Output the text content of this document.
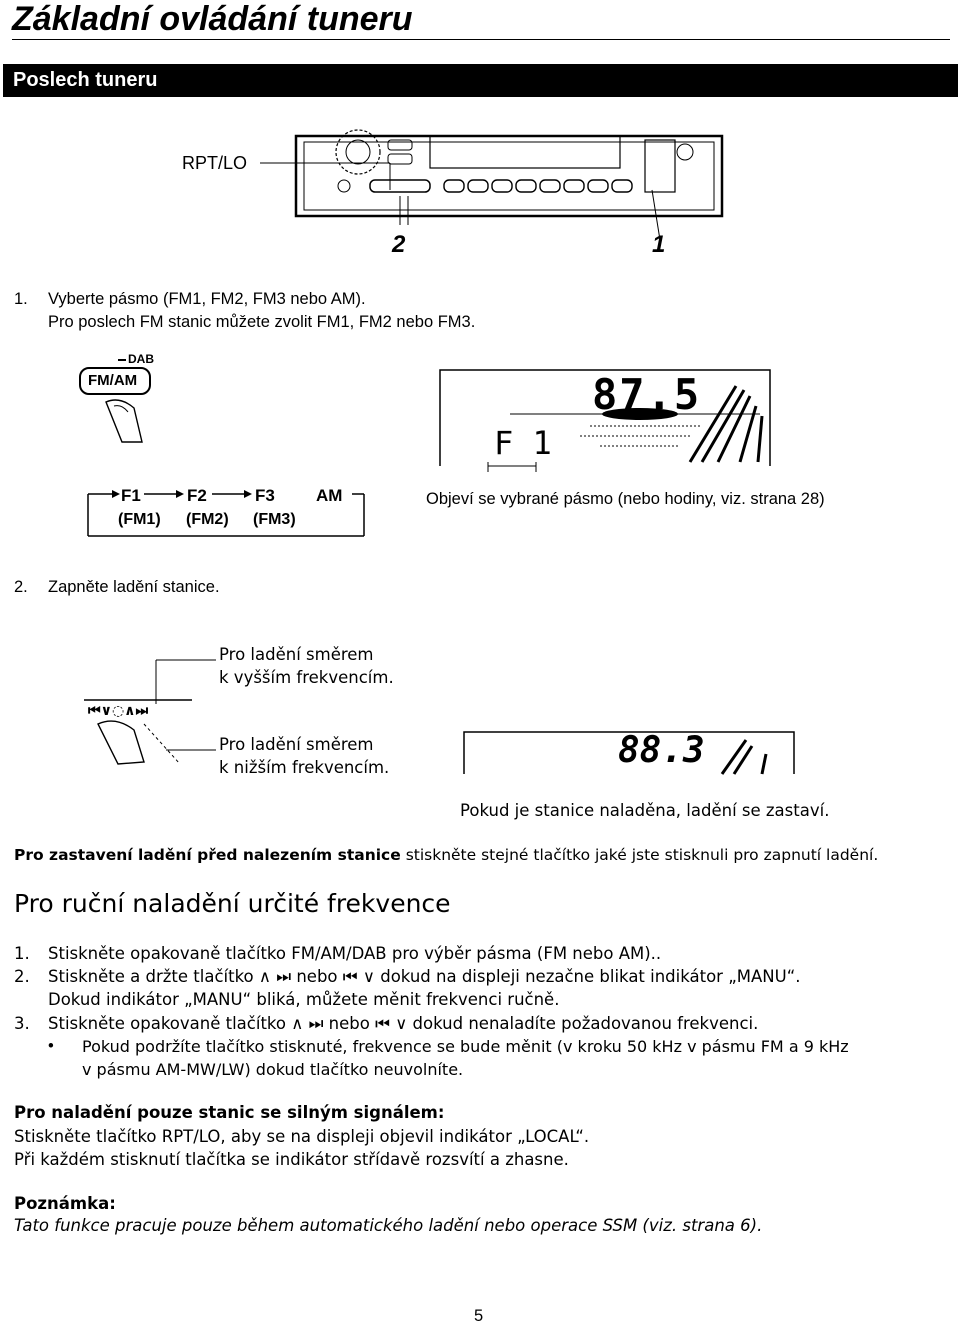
Základní ovládání tuneru
Poslech tuneru
RPT/LO
2	1
1. Vyberte pásmo (FM1, FM2, FM3 nebo AM).
Pro poslech FM stanic můžete zvolit FM1, FM2 nebo FM3.
DAB
FM/AM
F1	F2	F3 AM
(FM1) (FM2) (FM3)
87.5
F 1
Objeví se vybrané pásmo (nebo hodiny, viz. strana 28)
2. Zapněte ladění stanice.
Pro ladění směrem
k vyšším frekvencím.
Pro ladění směrem
k nižším frekvencím.
⏮∨◌∧⏭
88.3
Pokud je stanice naladěna, ladění se zastaví.
Pro zastavení ladění před nalezením stanice stiskněte stejné tlačítko jaké jste stisknuli pro zapnutí ladění.
Pro ruční naladění určité frekvence
1. Stiskněte opakovaně tlačítko FM/AM/DAB pro výběr pásma (FM nebo AM)..
2. Stiskněte a držte tlačítko ∧ ⏭ nebo ⏮ ∨ dokud na displeji nezačne blikat indikátor „MANU“.
Dokud indikátor „MANU“ bliká, můžete měnit frekvenci ručně.
3. Stiskněte opakovaně tlačítko ∧ ⏭ nebo ⏮ ∨ dokud nenaladíte požadovanou frekvenci.
• Pokud podržíte tlačítko stisknuté, frekvence se bude měnit (v kroku 50 kHz v pásmu FM a 9 kHz
v pásmu AM-MW/LW) dokud tlačítko neuvolníte.
Pro naladění pouze stanic se silným signálem:
Stiskněte tlačítko RPT/LO, aby se na displeji objevil indikátor „LOCAL“.
Při každém stisknutí tlačítka se indikátor střídavě rozsvítí a zhasne.
Poznámka:
Tato funkce pracuje pouze během automatického ladění nebo operace SSM (viz. strana 6).
5
